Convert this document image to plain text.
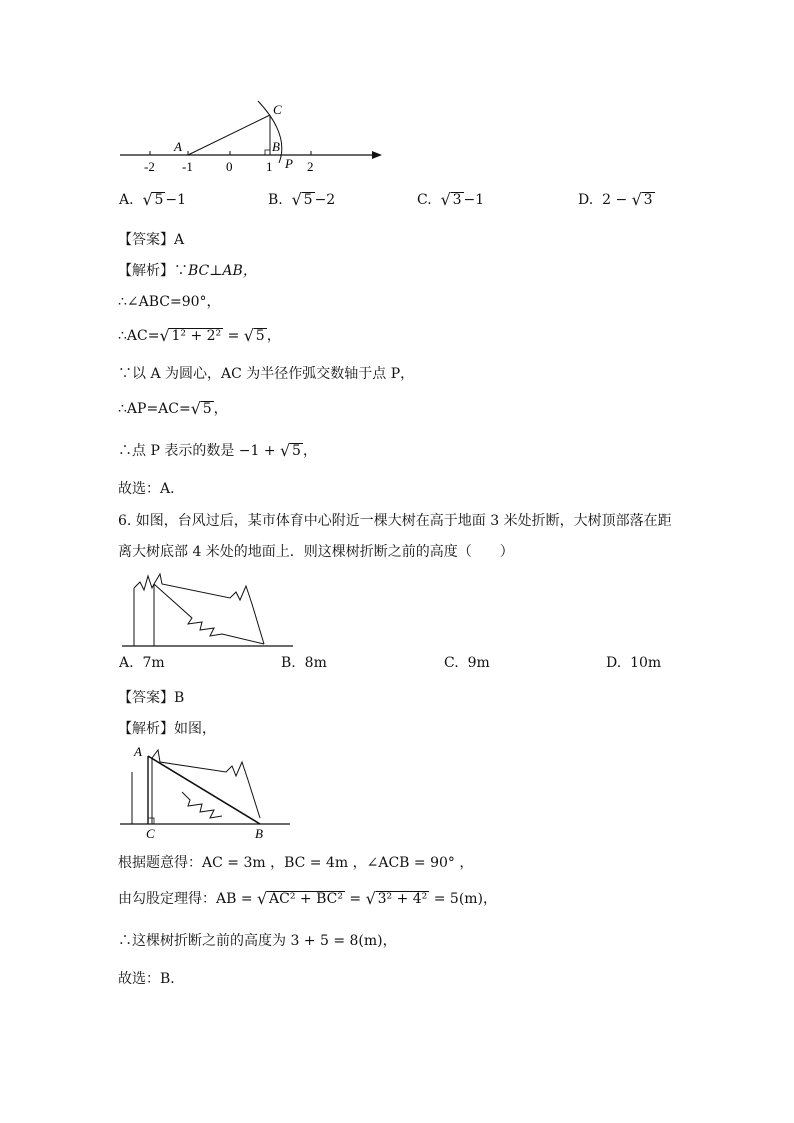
-2 -1	0	1	2
A	B
C
P
A. √ 5 −1	B. √ 5 −2	C. √ 3 −1	D. 2 − √ 3
【答案】A
【解析】∵BC⊥AB，
∴∠ABC=90°，
∴AC= √ 1² + 2² = √ 5 ，
∵以 A 为圆心，AC 为半径作弧交数轴于点 P，
∴AP=AC= √ 5 ，
∴点 P 表示的数是 −1 + √ 5 ，
故选：A．
6. 如图，台风过后，某市体育中心附近一棵大树在高于地面 3 米处折断，大树顶部落在距
离大树底部 4 米处的地面上．则这棵树折断之前的高度（　　）
A. 7m	B. 8m	C. 9m	D. 10m
【答案】B
【解析】如图，
A
C	B
根据题意得：AC = 3m ，BC = 4m ，∠ACB = 90° ，
由勾股定理得：AB = √ AC² + BC² = √ 3² + 4² = 5(m)，
∴这棵树折断之前的高度为 3 + 5 = 8(m)，
故选：B．
